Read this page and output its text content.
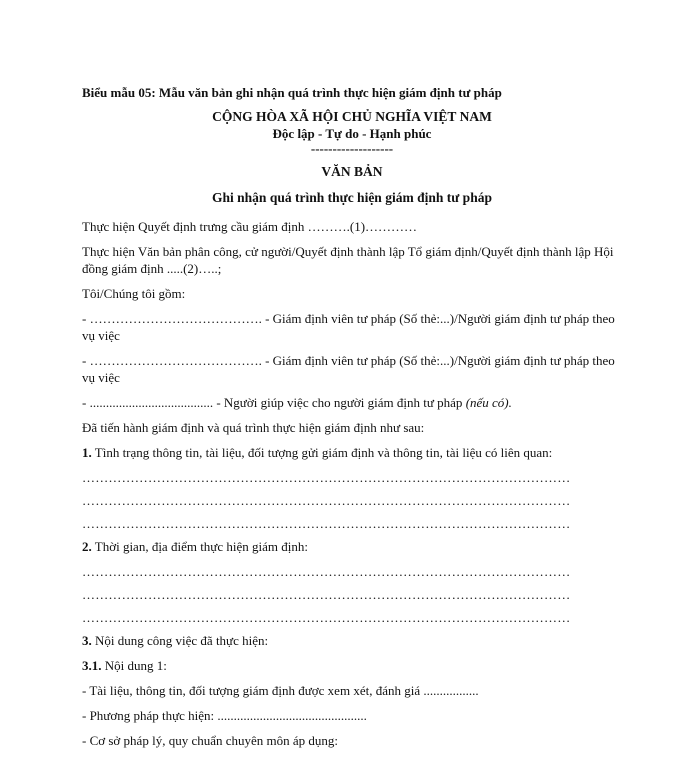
Biểu mẫu 05: Mẫu văn bản ghi nhận quá trình thực hiện giám định tư pháp

CỘNG HÒA XÃ HỘI CHỦ NGHĨA VIỆT NAM

Độc lập - Tự do - Hạnh phúc

-------------------

VĂN BẢN

Ghi nhận quá trình thực hiện giám định tư pháp

Thực hiện Quyết định trưng cầu giám định ……….(1)…………

Thực hiện Văn bản phân công, cử người/Quyết định thành lập Tổ giám định/Quyết định thành lập Hội đồng giám định .....(2)…..;

Tôi/Chúng tôi gồm:

- …………………………………. - Giám định viên tư pháp (Số thẻ:...)/Người giám định tư pháp theo vụ việc

- …………………………………. - Giám định viên tư pháp (Số thẻ:...)/Người giám định tư pháp theo vụ việc

- ...................................... - Người giúp việc cho người giám định tư pháp (nếu có).

Đã tiến hành giám định và quá trình thực hiện giám định như sau:

1. Tình trạng thông tin, tài liệu, đối tượng gửi giám định và thông tin, tài liệu có liên quan:

…………………………………………………………………………………………………

…………………………………………………………………………………………………

…………………………………………………………………………………………………

2. Thời gian, địa điểm thực hiện giám định:

…………………………………………………………………………………………………

…………………………………………………………………………………………………

…………………………………………………………………………………………………

3. Nội dung công việc đã thực hiện:

3.1. Nội dung 1:

- Tài liệu, thông tin, đối tượng giám định được xem xét, đánh giá .................

- Phương pháp thực hiện: ..............................................

- Cơ sở pháp lý, quy chuẩn chuyên môn áp dụng:
